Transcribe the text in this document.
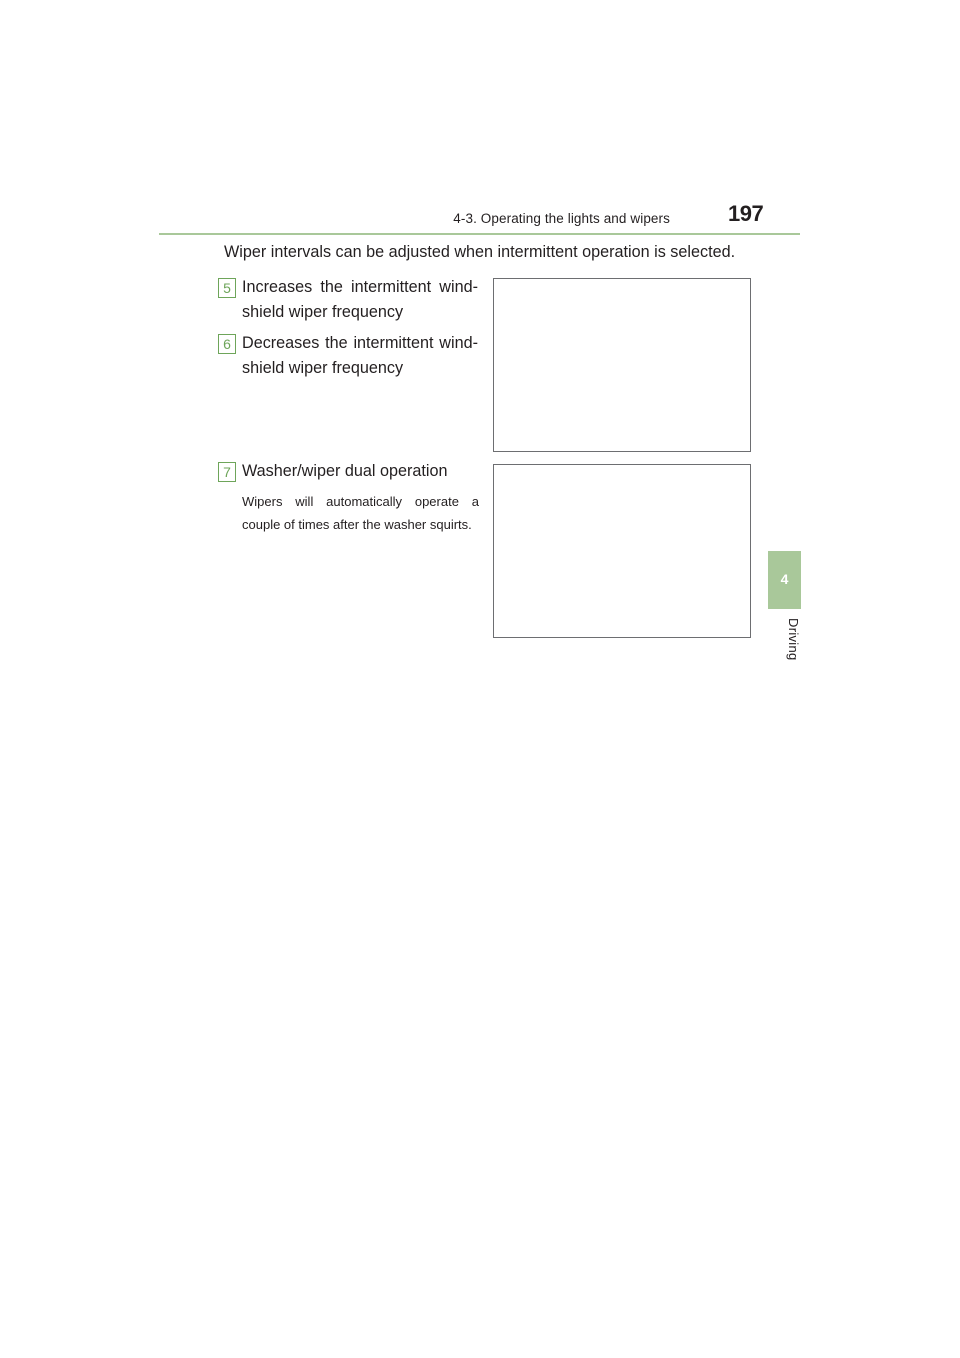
4-3. Operating the lights and wipers	197
4
Driving
Wiper intervals can be adjusted when intermittent operation is selected.
5 Increases the intermittent wind-shield wiper frequency
6 Decreases the intermittent wind-shield wiper frequency
7 Washer/wiper dual operation
Wipers will automatically operate a couple of times after the washer squirts.
